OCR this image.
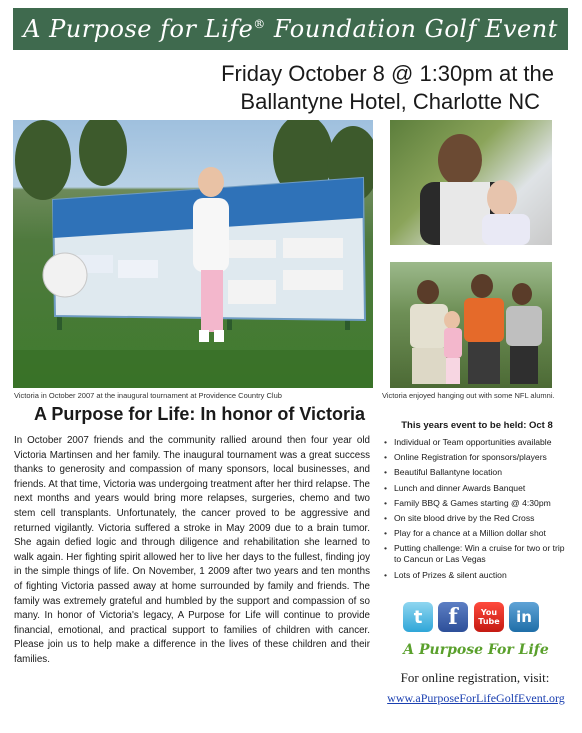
A Purpose for Life® Foundation Golf Event
Friday October 8 @ 1:30pm at the
Ballantyne Hotel, Charlotte NC
Victoria in October 2007 at the inaugural tournament at Providence Country Club	Victoria enjoyed hanging out with some NFL alumni.
A Purpose for Life: In honor of Victoria

In October 2007 friends and the community rallied around then four year old Victoria Martinsen and her family. The inaugural tournament was a great success thanks to generosity and compassion of many sponsors, local businesses, and friends. At that time, Victoria was undergoing treatment after her third relapse. The next months and years would bring more relapses, surgeries, chemo and two stem cell transplants. Unfortunately, the cancer proved to be aggressive and returned vigilantly. Victoria suffered a stroke in May 2009 due to a brain tumor. She again defied logic and through diligence and rehabilitation she learned to walk again. Her fighting spirit allowed her to live her days to the fullest, finding joy in the simple things of life. On November, 1 2009 after two years and ten months of fighting Victoria passed away at home surrounded by family and friends. The family was extremely grateful and humbled by the support and compassion of so many. In honor of Victoria's legacy, A Purpose for Life will continue to provide financial, emotional, and practical support to families of children with cancer. Please join us to help make a difference in the lives of these children and their families.

This years event to be held: Oct 8
• Individual or Team opportunities available
• Online Registration for sponsors/players
• Beautiful Ballantyne location
• Lunch and dinner Awards Banquet
• Family BBQ & Games starting @ 4:30pm
• On site blood drive by the Red Cross
• Play for a chance at a Million dollar shot
• Putting challenge: Win a cruise for two or trip to Cancun or Las Vegas
• Lots of Prizes & silent auction
t	f	You
Tube	in
A Purpose For Life
For online registration, visit:
www.aPurposeForLifeGolfEvent.org
